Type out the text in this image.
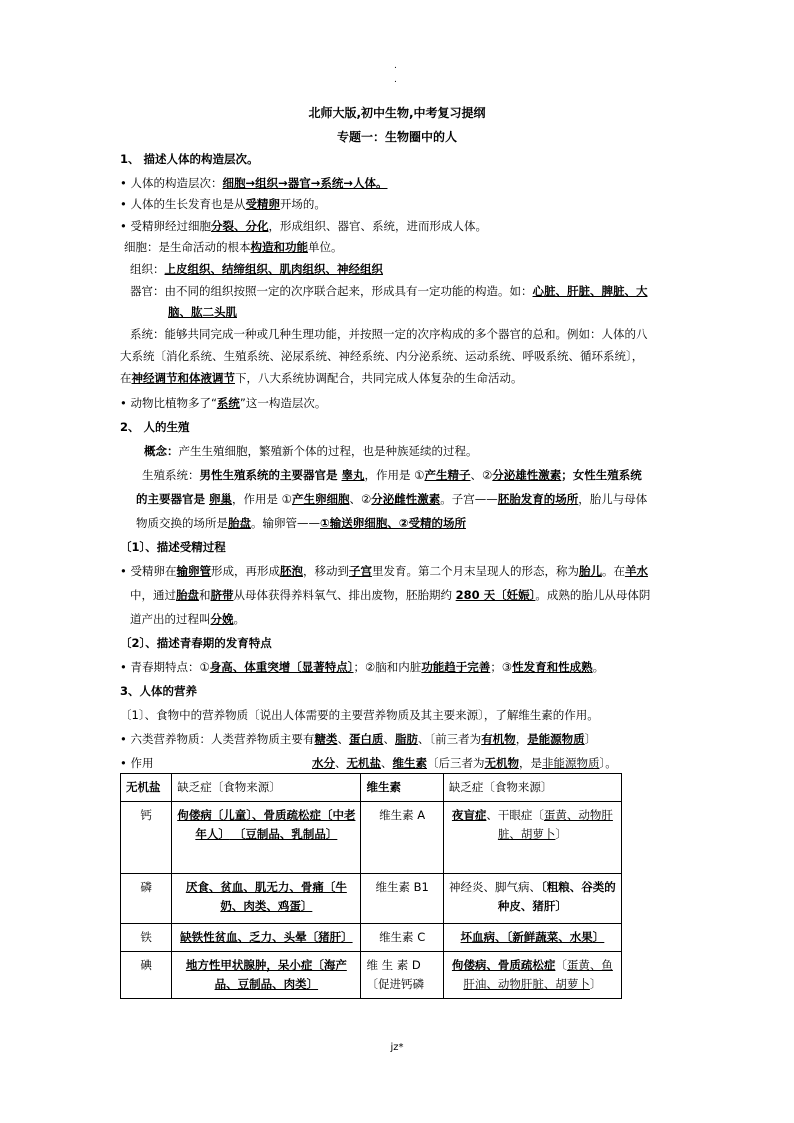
.
.
北师大版,初中生物,中考复习提纲
专题一：生物圈中的人
1、 描述人体的构造层次。
• 人体的构造层次：细胞→组织→器官→系统→人体。
• 人体的生长发育也是从受精卵开场的。
• 受精卵经过细胞分裂、分化，形成组织、器官、系统，进而形成人体。
细胞：是生命活动的根本构造和功能单位。
组织：上皮组织、结缔组织、肌肉组织、神经组织
器官：由不同的组织按照一定的次序联合起来，形成具有一定功能的构造。如：心脏、肝脏、脾脏、大
脑、肱二头肌
系统：能够共同完成一种或几种生理功能，并按照一定的次序构成的多个器官的总和。例如：人体的八
大系统〔消化系统、生殖系统、泌尿系统、神经系统、内分泌系统、运动系统、呼吸系统、循环系统〕，
在神经调节和体液调节下，八大系统协调配合，共同完成人体复杂的生命活动。
• 动物比植物多了“系统”这一构造层次。
2、 人的生殖
概念：产生生殖细胞，繁殖新个体的过程，也是种族延续的过程。
生殖系统：男性生殖系统的主要器官是 睾丸，作用是 ①产生精子、②分泌雄性激素；女性生殖系统
的主要器官是 卵巢，作用是 ①产生卵细胞、②分泌雌性激素。子宫——胚胎发育的场所，胎儿与母体
物质交换的场所是胎盘。输卵管——①输送卵细胞、②受精的场所
〔1〕、描述受精过程
• 受精卵在输卵管形成，再形成胚泡，移动到子宫里发育。第二个月末呈现人的形态，称为胎儿。在羊水
中，通过胎盘和脐带从母体获得养料氧气、排出废物，胚胎期约 280 天〔妊娠〕。成熟的胎儿从母体阴
道产出的过程叫分娩。
〔2〕、描述青春期的发育特点
• 青春期特点：①身高、体重突增〔显著特点〕；②脑和内脏功能趋于完善；③性发育和性成熟。
3、人体的营养
〔1〕、食物中的营养物质〔说出人体需要的主要营养物质及其主要来源〕，了解维生素的作用。
• 六类营养物质：人类营养物质主要有糖类、蛋白质、脂肪、〔前三者为有机物，是能源物质〕
• 作用	水分、无机盐、维生素〔后三者为无机物，是非能源物质〕。
无机盐	缺乏症〔食物来源〕	维生素	缺乏症〔食物来源〕
钙	佝偻病〔儿童〕、骨质疏松症〔中老年人〕 〔豆制品、乳制品〕	维生素 A	夜盲症、干眼症〔蛋黄、动物肝脏、胡萝卜〕
磷	厌食、贫血、肌无力、骨痛〔牛奶、肉类、鸡蛋〕	维生素 B1	神经炎、脚气病、〔粗粮、谷类的种皮、猪肝〕
铁	缺铁性贫血、乏力、头晕〔猪肝〕	维生素 C	坏血病、〔新鲜蔬菜、水果〕
碘	地方性甲状腺肿，呆小症〔海产品、豆制品、肉类〕	维 生 素 D 〔促进钙磷	佝偻病、骨质疏松症〔蛋黄、鱼肝油、动物肝脏、胡萝卜〕
jz*
